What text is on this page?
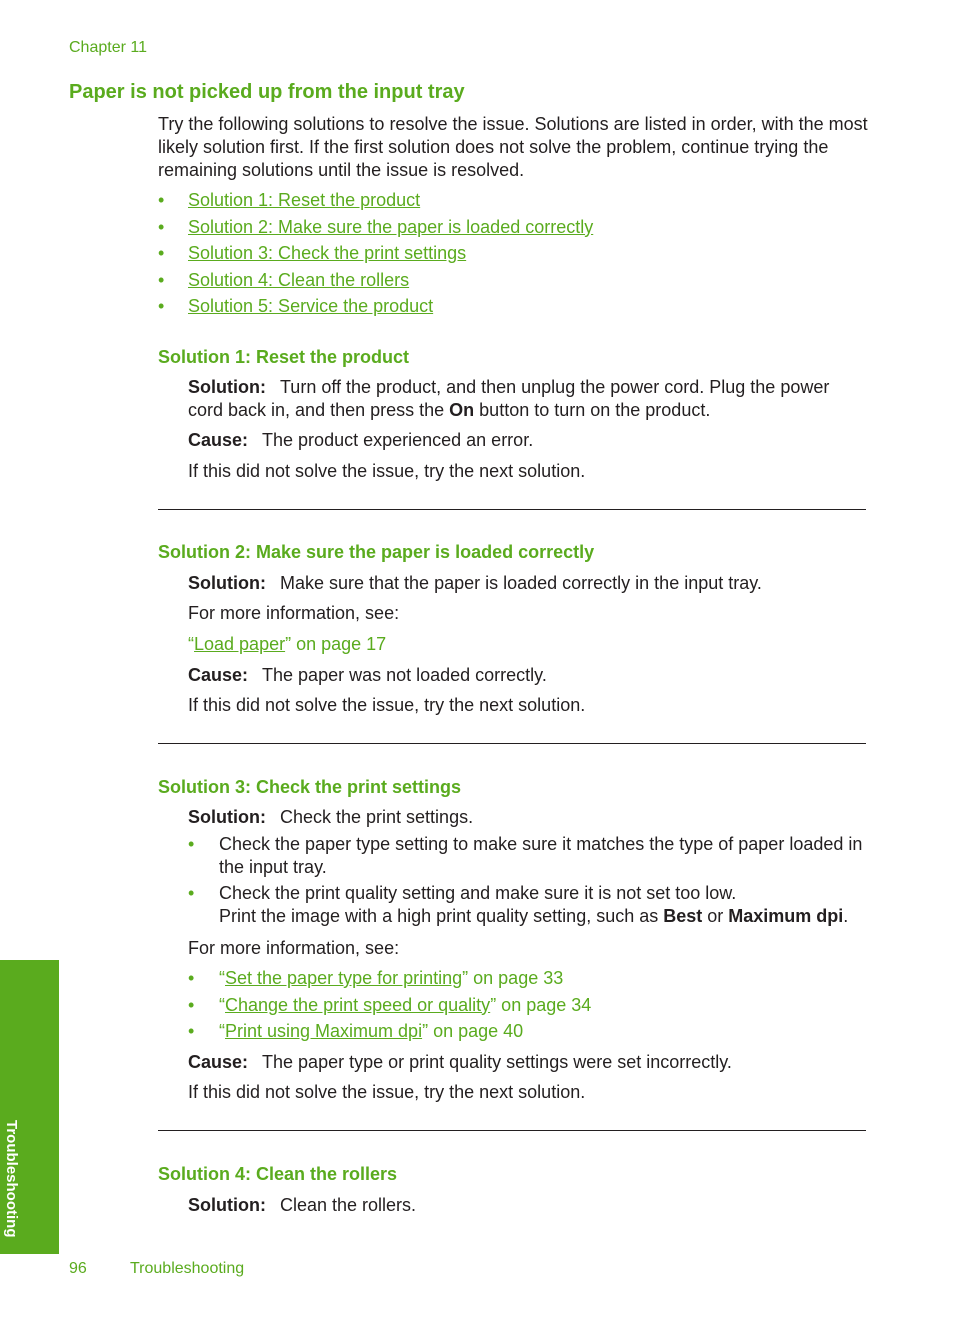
Chapter 11
Paper is not picked up from the input tray
Try the following solutions to resolve the issue. Solutions are listed in order, with the most likely solution first. If the first solution does not solve the problem, continue trying the remaining solutions until the issue is resolved.
•	Solution 1: Reset the product
•	Solution 2: Make sure the paper is loaded correctly
•	Solution 3: Check the print settings
•	Solution 4: Clean the rollers
•	Solution 5: Service the product
Solution 1: Reset the product
Solution: Turn off the product, and then unplug the power cord. Plug the power cord back in, and then press the On button to turn on the product.
Cause: The product experienced an error.
If this did not solve the issue, try the next solution.
Solution 2: Make sure the paper is loaded correctly
Solution: Make sure that the paper is loaded correctly in the input tray.
For more information, see:
“Load paper” on page 17
Cause: The paper was not loaded correctly.
If this did not solve the issue, try the next solution.
Solution 3: Check the print settings
Solution: Check the print settings.
•	Check the paper type setting to make sure it matches the type of paper loaded in the input tray.
•	Check the print quality setting and make sure it is not set too low.
Print the image with a high print quality setting, such as Best or Maximum dpi.
For more information, see:
•	“ Set the paper type for printing ” on page 33
•	“ Change the print speed or quality ” on page 34
•	“ Print using Maximum dpi ” on page 40
Cause: The paper type or print quality settings were set incorrectly.
If this did not solve the issue, try the next solution.
Solution 4: Clean the rollers
Solution: Clean the rollers.
Troubleshooting
96	Troubleshooting
